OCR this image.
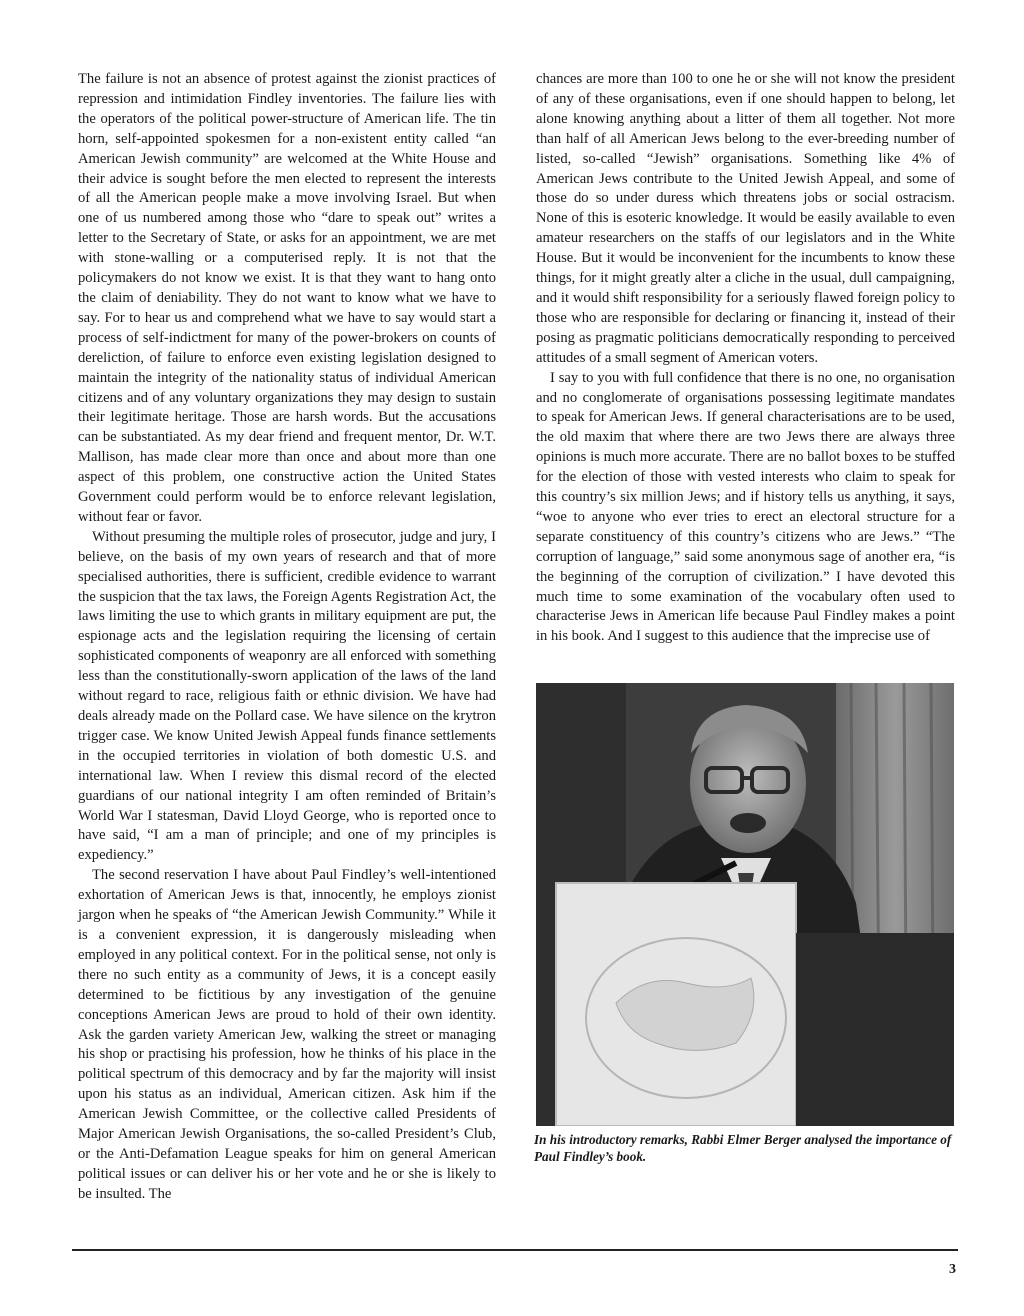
The failure is not an absence of protest against the zionist practices of repression and intimidation Findley inventories. The failure lies with the operators of the political power-structure of American life. The tin horn, self-appointed spokesmen for a non-existent entity called “an American Jewish community” are welcomed at the White House and their advice is sought before the men elected to represent the interests of all the American people make a move involving Israel. But when one of us numbered among those who “dare to speak out” writes a letter to the Secretary of State, or asks for an appointment, we are met with stone-walling or a computerised reply. It is not that the policymakers do not know we exist. It is that they want to hang onto the claim of deniability. They do not want to know what we have to say. For to hear us and comprehend what we have to say would start a process of self-indictment for many of the power-brokers on counts of dereliction, of failure to enforce even existing legislation designed to maintain the integrity of the nationality status of individual American citizens and of any voluntary organizations they may design to sustain their legitimate heritage. Those are harsh words. But the accusations can be substantiated. As my dear friend and frequent mentor, Dr. W.T. Mallison, has made clear more than once and about more than one aspect of this problem, one constructive action the United States Government could perform would be to enforce relevant legislation, without fear or favor.

Without presuming the multiple roles of prosecutor, judge and jury, I believe, on the basis of my own years of research and that of more specialised authorities, there is sufficient, credible evidence to warrant the suspicion that the tax laws, the Foreign Agents Registration Act, the laws limiting the use to which grants in military equipment are put, the espionage acts and the legislation requiring the licensing of certain sophisticated components of weaponry are all enforced with something less than the constitutionally-sworn application of the laws of the land without regard to race, religious faith or ethnic division. We have had deals already made on the Pollard case. We have silence on the krytron trigger case. We know United Jewish Appeal funds finance settlements in the occupied territories in violation of both domestic U.S. and international law. When I review this dismal record of the elected guardians of our national integrity I am often reminded of Britain’s World War I statesman, David Lloyd George, who is reported once to have said, “I am a man of principle; and one of my principles is expediency.”

The second reservation I have about Paul Findley’s well-intentioned exhortation of American Jews is that, innocently, he employs zionist jargon when he speaks of “the American Jewish Community.” While it is a convenient expression, it is dangerously misleading when employed in any political context. For in the political sense, not only is there no such entity as a community of Jews, it is a concept easily determined to be fictitious by any investigation of the genuine conceptions American Jews are proud to hold of their own identity. Ask the garden variety American Jew, walking the street or managing his shop or practising his profession, how he thinks of his place in the political spectrum of this democracy and by far the majority will insist upon his status as an individual, American citizen. Ask him if the American Jewish Committee, or the collective called Presidents of Major American Jewish Organisations, the so-called President’s Club, or the Anti-Defamation League speaks for him on general American political issues or can deliver his or her vote and he or she is likely to be insulted. The

chances are more than 100 to one he or she will not know the president of any of these organisations, even if one should happen to belong, let alone knowing anything about a litter of them all together. Not more than half of all American Jews belong to the ever-breeding number of listed, so-called “Jewish” organisations. Something like 4% of American Jews contribute to the United Jewish Appeal, and some of those do so under duress which threatens jobs or social ostracism. None of this is esoteric knowledge. It would be easily available to even amateur researchers on the staffs of our legislators and in the White House. But it would be inconvenient for the incumbents to know these things, for it might greatly alter a cliche in the usual, dull campaigning, and it would shift responsibility for a seriously flawed foreign policy to those who are responsible for declaring or financing it, instead of their posing as pragmatic politicians democratically responding to perceived attitudes of a small segment of American voters.

I say to you with full confidence that there is no one, no organisation and no conglomerate of organisations possessing legitimate mandates to speak for American Jews. If general characterisations are to be used, the old maxim that where there are two Jews there are always three opinions is much more accurate. There are no ballot boxes to be stuffed for the election of those with vested interests who claim to speak for this country’s six million Jews; and if history tells us anything, it says, “woe to anyone who ever tries to erect an electoral structure for a separate constituency of this country’s citizens who are Jews.” “The corruption of language,” said some anonymous sage of another era, “is the beginning of the corruption of civilization.” I have devoted this much time to some examination of the vocabulary often used to characterise Jews in American life because Paul Findley makes a point in his book. And I suggest to this audience that the imprecise use of

In his introductory remarks, Rabbi Elmer Berger analysed the importance of Paul Findley’s book.
3
